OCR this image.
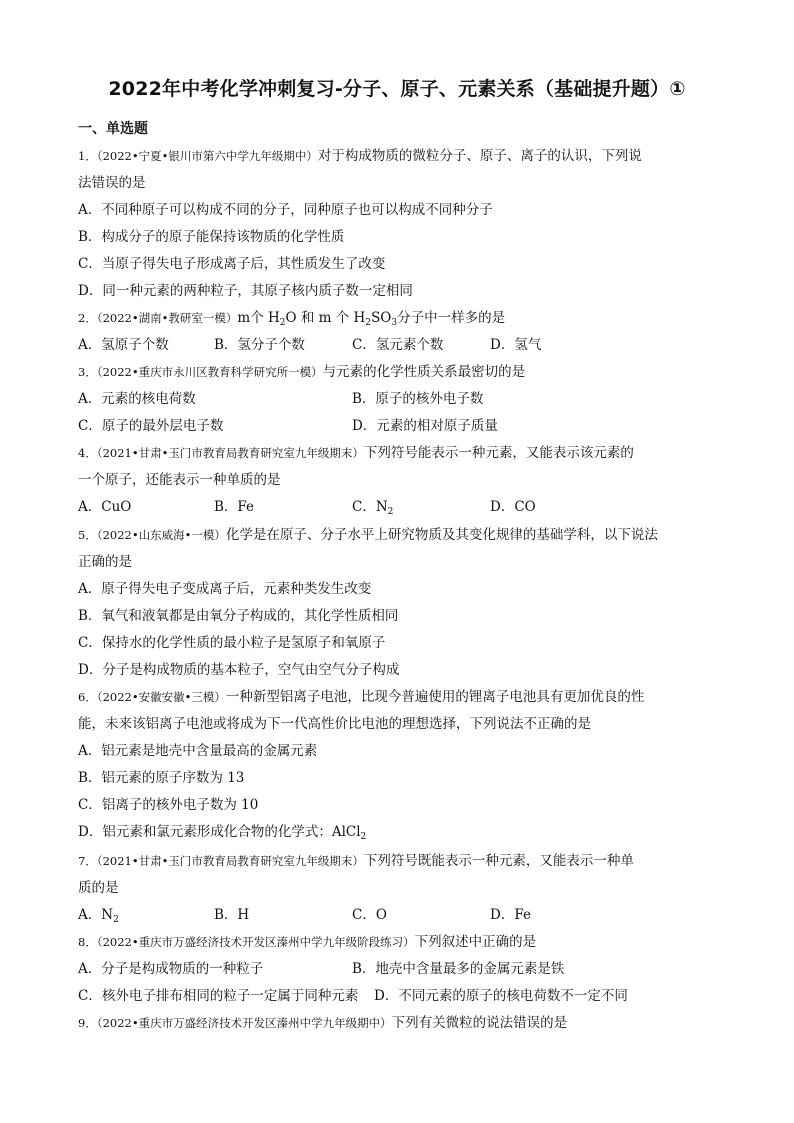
2022年中考化学冲刺复习-分子、原子、元素关系（基础提升题）①
一、单选题
1．（2022•宁夏•银川市第六中学九年级期中）对于构成物质的微粒分子、原子、离子的认识，下列说
法错误的是
A．不同种原子可以构成不同的分子，同种原子也可以构成不同种分子
B．构成分子的原子能保持该物质的化学性质
C．当原子得失电子形成离子后，其性质发生了改变
D．同一种元素的两种粒子，其原子核内质子数一定相同
2．（2022•湖南•教研室一模）m个 $H_2O$ 和 m 个 $H_2SO_3$分子中一样多的是
A．氢原子个数	B．氢分子个数	C．氢元素个数	D．氢气
3．（2022•重庆市永川区教育科学研究所一模）与元素的化学性质关系最密切的是
A．元素的核电荷数	B．原子的核外电子数
C．原子的最外层电子数	D．元素的相对原子质量
4．（2021•甘肃•玉门市教育局教育研究室九年级期末）下列符号能表示一种元素，又能表示该元素的
一个原子，还能表示一种单质的是
A．CuO	B．Fe	C．$N_2$	D．CO
5．（2022•山东威海•一模）化学是在原子、分子水平上研究物质及其变化规律的基础学科，以下说法
正确的是
A．原子得失电子变成离子后，元素种类发生改变
B．氧气和液氧都是由氧分子构成的，其化学性质相同
C．保持水的化学性质的最小粒子是氢原子和氧原子
D．分子是构成物质的基本粒子，空气由空气分子构成
6．（2022•安徽安徽•三模）一种新型铝离子电池，比现今普遍使用的锂离子电池具有更加优良的性
能，未来该铝离子电池或将成为下一代高性价比电池的理想选择，下列说法不正确的是
A．铝元素是地壳中含量最高的金属元素
B．铝元素的原子序数为 13
C．铝离子的核外电子数为 10
D．铝元素和氯元素形成化合物的化学式：AlCl$_2$
7．（2021•甘肃•玉门市教育局教育研究室九年级期末）下列符号既能表示一种元素，又能表示一种单
质的是
A．$N_2$	B．H	C．O	D．Fe
8．（2022•重庆市万盛经济技术开发区溱州中学九年级阶段练习）下列叙述中正确的是
A．分子是构成物质的一种粒子	B．地壳中含量最多的金属元素是铁
C．核外电子排布相同的粒子一定属于同种元素 D．不同元素的原子的核电荷数不一定不同
9．（2022•重庆市万盛经济技术开发区溱州中学九年级期中）下列有关微粒的说法错误的是
